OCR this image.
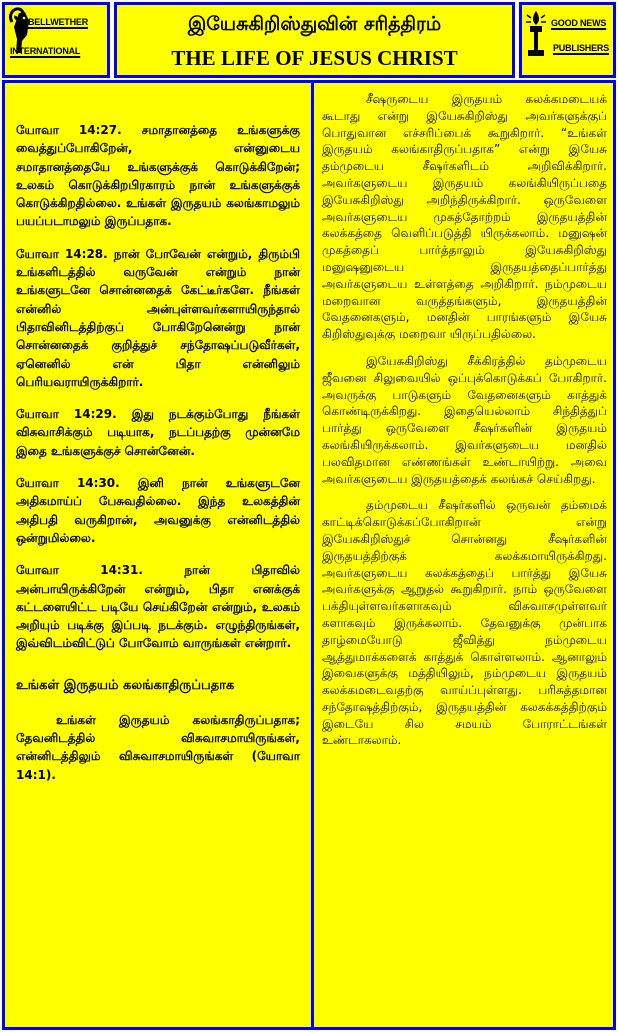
BELLWETHER
INTERNATIONAL
இயேசுகிறிஸ்துவின் சரித்திரம்
THE LIFE OF JESUS CHRIST
GOOD NEWS
PUBLISHERS

யோவா 14:27. சமாதானத்தை உங்களுக்கு வைத்துப்போகிறேன், என்னுடைய சமாதானத்தையே உங்களுக்குக் கொடுக்கிறேன்; உலகம் கொடுக்கிறபிரகாரம் நான் உங்களுக்குக் கொடுக்கிறதில்லை. உங்கள் இருதயம் கலங்காமலும் பயப்படாமலும் இருப்பதாக.

யோவா 14:28. நான் போவேன் என்றும், திரும்பி உங்களிடத்தில் வருவேன் என்றும் நான் உங்களுடனே சொன்னதைக் கேட்டீர்களே. நீங்கள் என்னில் அன்புள்ளவர்களாயிருந்தால் பிதாவினிடத்திற்குப் போகிறேனென்று நான் சொன்னதைக் குறித்துச் சந்தோஷப்படுவீர்கள், ஏனெனில் என் பிதா என்னிலும் பெரியவராயிருக்கிறார்.

யோவா 14:29. இது நடக்கும்போது நீங்கள் விசுவாசிக்கும் படியாக, நடப்பதற்கு முன்னமே இதை உங்களுக்குச் சொன்னேன்.

யோவா 14:30. இனி நான் உங்களுடனே அதிகமாய்ப் பேசுவதில்லை. இந்த உலகத்தின் அதிபதி வருகிறான், அவனுக்கு என்னிடத்தில் ஒன்றுமில்லை.

யோவா 14:31.	நான் பிதாவில் அன்பாயிருக்கிறேன் என்றும், பிதா எனக்குக் கட்டளையிட்ட படியே செய்கிறேன் என்றும், உலகம் அறியும் படிக்கு இப்படி நடக்கும். எழுந்திருங்கள், இவ்விடம்விட்டுப் போவோம் வாருங்கள் என்றார்.

உங்கள் இருதயம் கலங்காதிருப்பதாக

உங்கள் இருதயம் கலங்காதிருப்பதாக; தேவனிடத்தில் விசுவாசமாயிருங்கள், என்னிடத்திலும் விசுவாசமாயிருங்கள் (யோவா 14:1).

சீஷருடைய இருதயம் கலக்கமடையக் கூடாது என்று இயேசுகிறிஸ்து அவர்களுக்குப் பொதுவான எச்சரிப்பைக் கூறுகிறார். “உங்கள் இருதயம் கலங்காதிருப்பதாக” என்று இயேசு தம்முடைய சீஷர்களிடம் அறிவிக்கிறார். அவர்களுடைய இருதயம் கலங்கியிருப்பதை இயேசுகிறிஸ்து அறிந்திருக்கிறார். ஒருவேளை அவர்களுடைய முகத்தோற்றம் இருதயத்தின் கலக்கத்தை வெளிப்படுத்தி யிருக்கலாம். மனுஷன் முகத்தைப் பார்த்தாலும் இயேசுகிறிஸ்து மனுஷனுடைய இருதயத்தைப்பார்த்து அவர்களுடைய உள்ளத்தை அறிகிறார். நம்முடைய மறைவான வருத்தங்களும், இருதயத்தின் வேதனைகளும், மனதின் பாரங்களும் இயேசு கிறிஸ்துவுக்கு மறைவா யிருப்பதில்லை.

இயேசுகிறிஸ்து சீக்கிரத்தில் தம்முடைய ஜீவனை சிலுவையில் ஒப்புக்கொடுக்கப் போகிறார். அவருக்கு பாடுகளும் வேதனைகளும் காத்துக் கொண்டிருக்கிறது. இதையெல்லாம் சிந்தித்துப் பார்த்து ஒருவேளை சீஷர்களின் இருதயம் கலங்கியிருக்கலாம். இவர்களுடைய மனதில் பலவிதமான எண்ணங்கள் உண்டாயிற்று. அவை அவர்களுடைய இருதயத்தைக் கலங்கச் செய்கிறது.

தம்முடைய சீஷர்களில் ஒருவன் தம்மைக் காட்டிக்கொடுக்கப்போகிறான் என்று இயேசுகிறிஸ்துச் சொன்னது சீஷர்களின் இருதயத்திற்குக் கலக்கமாயிருக்கிறது. அவர்களுடைய கலக்கத்தைப் பார்த்து இயேசு அவர்களுக்கு ஆறுதல் கூறுகிறார். நாம் ஒருவேளை பக்தியுள்ளவர்களாகவும் விசுவாசமுள்ளவர் களாகவும் இருக்கலாம். தேவனுக்கு முன்பாக தாழ்மையோடு ஜீவித்து நம்முடைய ஆத்துமாக்களைக் காத்துக் கொள்ளலாம். ஆனாலும் இவைகளுக்கு மத்தியிலும், நம்முடைய இருதயம் கலக்கமடைவதற்கு வாய்ப்புள்ளது. பரிசுத்தமான சந்தோஷத்திற்கும், இருதயத்தின் கலகக்கத்திற்கும் இடையே சில சமயம் போராட்டங்கள் உண்டாகலாம்.
